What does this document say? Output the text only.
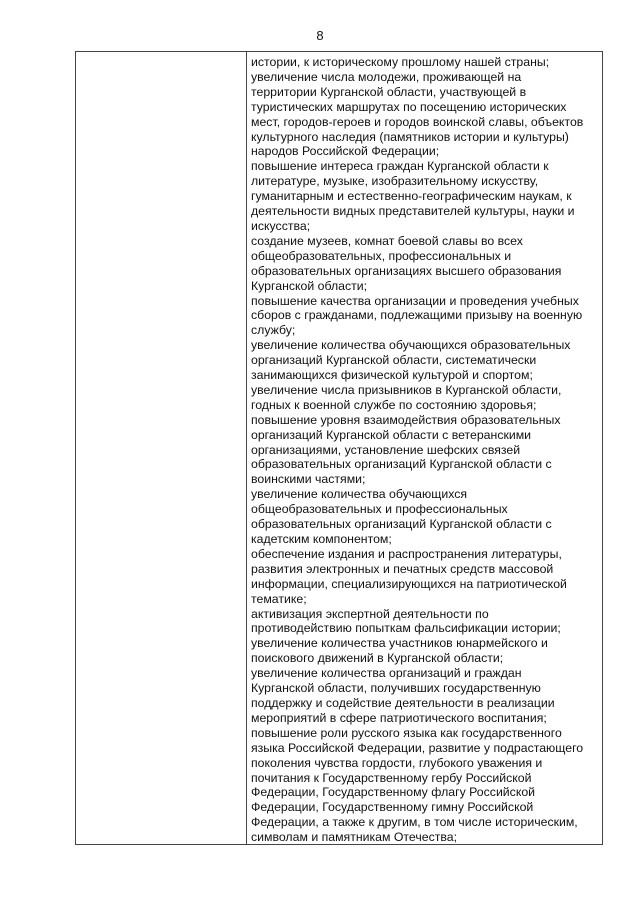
8
истории, к историческому прошлому нашей страны;
увеличение числа молодежи, проживающей на
территории Курганской области, участвующей в
туристических маршрутах по посещению исторических
мест, городов-героев и городов воинской славы, объектов
культурного наследия (памятников истории и культуры)
народов Российской Федерации;
повышение интереса граждан Курганской области к
литературе, музыке, изобразительному искусству,
гуманитарным и естественно-географическим наукам, к
деятельности видных представителей культуры, науки и
искусства;
создание музеев, комнат боевой славы во всех
общеобразовательных, профессиональных и
образовательных организациях высшего образования
Курганской области;
повышение качества организации и проведения учебных
сборов с гражданами, подлежащими призыву на военную
службу;
увеличение количества обучающихся образовательных
организаций Курганской области, систематически
занимающихся физической культурой и спортом;
увеличение числа призывников в Курганской области,
годных к военной службе по состоянию здоровья;
повышение уровня взаимодействия образовательных
организаций Курганской области с ветеранскими
организациями, установление шефских связей
образовательных организаций Курганской области с
воинскими частями;
увеличение количества обучающихся
общеобразовательных и профессиональных
образовательных организаций Курганской области с
кадетским компонентом;
обеспечение издания и распространения литературы,
развития электронных и печатных средств массовой
информации, специализирующихся на патриотической
тематике;
активизация экспертной деятельности по
противодействию попыткам фальсификации истории;
увеличение количества участников юнармейского и
поискового движений в Курганской области;
увеличение количества организаций и граждан
Курганской области, получивших государственную
поддержку и содействие деятельности в реализации
мероприятий в сфере патриотического воспитания;
повышение роли русского языка как государственного
языка Российской Федерации, развитие у подрастающего
поколения чувства гордости, глубокого уважения и
почитания к Государственному гербу Российской
Федерации, Государственному флагу Российской
Федерации, Государственному гимну Российской
Федерации, а также к другим, в том числе историческим,
символам и памятникам Отечества;
